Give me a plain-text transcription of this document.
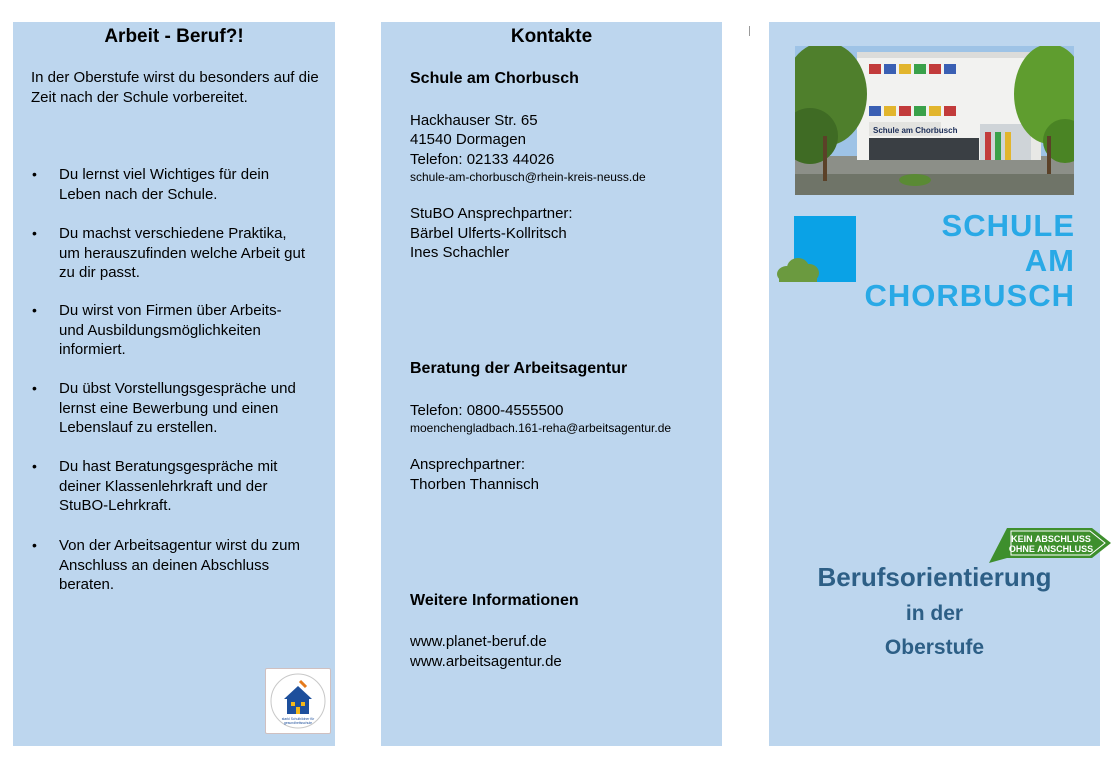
Arbeit - Beruf?!
In der Oberstufe wirst du besonders auf die Zeit nach der Schule vorbereitet.
• Du lernst viel Wichtiges für dein Leben nach der Schule.
• Du machst verschiedene Praktika, um herauszufinden welche Arbeit gut zu dir passt.
• Du wirst von Firmen über Arbeits- und Ausbildungsmöglichkeiten informiert.
• Du übst Vorstellungsgespräche und lernst eine Bewerbung und einen Lebenslauf zu erstellen.
• Du hast Beratungsgespräche mit deiner Klassenlehrkraft und der StuBO-Lehrkraft.
• Von der Arbeitsagentur wirst du zum Anschluss an deinen Abschluss beraten.
starkl Schulbildner für
gesundheitsschule
Kontakte
Schule am Chorbusch
Hackhauser Str. 65
41540 Dormagen
Telefon: 02133 44026
schule-am-chorbusch@rhein-kreis-neuss.de
StuBO Ansprechpartner:
Bärbel Ulferts-Kollritsch
Ines Schachler
Beratung der Arbeitsagentur
Telefon: 0800-4555500
moenchengladbach.161-reha@arbeitsagentur.de
Ansprechpartner:
Thorben Thannisch
Weitere Informationen
www.planet-beruf.de
www.arbeitsagentur.de
Schule am Chorbusch
SCHULE
AM
CHORBUSCH
KEIN ABSCHLUSS
OHNE ANSCHLUSS
Berufsorientierung
in der
Oberstufe
